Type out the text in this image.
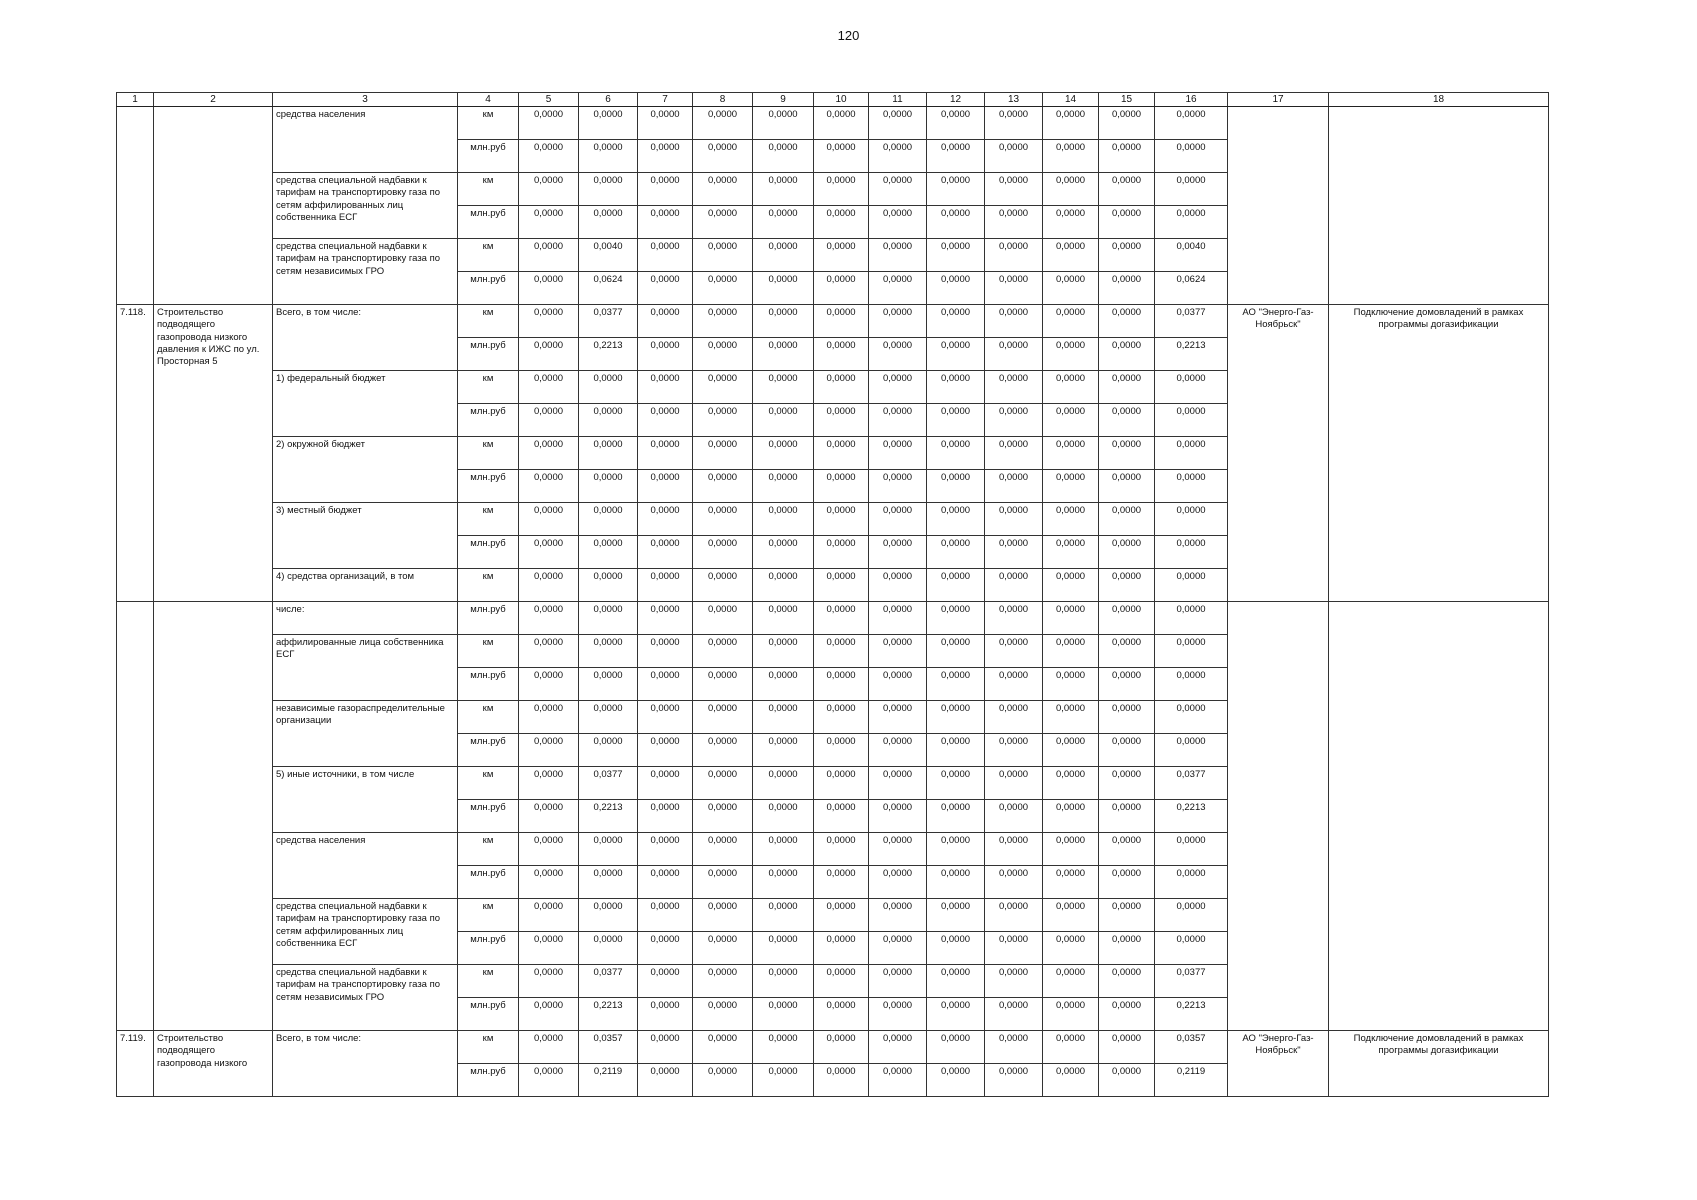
120
1	2	3	4	5	6	7	8	9	10	11	12	13	14	15	16	17	18
		средства населения	км	0,0000	0,0000	0,0000	0,0000	0,0000	0,0000	0,0000	0,0000	0,0000	0,0000	0,0000	0,0000		
			млн.руб	0,0000	0,0000	0,0000	0,0000	0,0000	0,0000	0,0000	0,0000	0,0000	0,0000	0,0000	0,0000		
		средства специальной надбавки к тарифам на транспортировку газа по сетям аффилированных лиц собственника ЕСГ	км	0,0000	0,0000	0,0000	0,0000	0,0000	0,0000	0,0000	0,0000	0,0000	0,0000	0,0000	0,0000		
			млн.руб	0,0000	0,0000	0,0000	0,0000	0,0000	0,0000	0,0000	0,0000	0,0000	0,0000	0,0000	0,0000		
		средства специальной надбавки к тарифам на транспортировку газа по сетям независимых ГРО	км	0,0000	0,0040	0,0000	0,0000	0,0000	0,0000	0,0000	0,0000	0,0000	0,0000	0,0000	0,0040		
			млн.руб	0,0000	0,0624	0,0000	0,0000	0,0000	0,0000	0,0000	0,0000	0,0000	0,0000	0,0000	0,0624		
7.118.	Строительство подводящего газопровода низкого давления к ИЖС по ул. Просторная 5	Всего, в том числе:	км	0,0000	0,0377	0,0000	0,0000	0,0000	0,0000	0,0000	0,0000	0,0000	0,0000	0,0000	0,0377	АО "Энерго-Газ-Ноябрьск"	Подключение домовладений в рамках программы догазификации
			млн.руб	0,0000	0,2213	0,0000	0,0000	0,0000	0,0000	0,0000	0,0000	0,0000	0,0000	0,0000	0,2213		
		1) федеральный бюджет	км	0,0000	0,0000	0,0000	0,0000	0,0000	0,0000	0,0000	0,0000	0,0000	0,0000	0,0000	0,0000		
			млн.руб	0,0000	0,0000	0,0000	0,0000	0,0000	0,0000	0,0000	0,0000	0,0000	0,0000	0,0000	0,0000		
		2) окружной бюджет	км	0,0000	0,0000	0,0000	0,0000	0,0000	0,0000	0,0000	0,0000	0,0000	0,0000	0,0000	0,0000		
			млн.руб	0,0000	0,0000	0,0000	0,0000	0,0000	0,0000	0,0000	0,0000	0,0000	0,0000	0,0000	0,0000		
		3) местный бюджет	км	0,0000	0,0000	0,0000	0,0000	0,0000	0,0000	0,0000	0,0000	0,0000	0,0000	0,0000	0,0000		
			млн.руб	0,0000	0,0000	0,0000	0,0000	0,0000	0,0000	0,0000	0,0000	0,0000	0,0000	0,0000	0,0000		
		4) средства организаций, в том	км	0,0000	0,0000	0,0000	0,0000	0,0000	0,0000	0,0000	0,0000	0,0000	0,0000	0,0000	0,0000		
		числе:	млн.руб	0,0000	0,0000	0,0000	0,0000	0,0000	0,0000	0,0000	0,0000	0,0000	0,0000	0,0000	0,0000		
		аффилированные лица собственника ЕСГ	км	0,0000	0,0000	0,0000	0,0000	0,0000	0,0000	0,0000	0,0000	0,0000	0,0000	0,0000	0,0000		
			млн.руб	0,0000	0,0000	0,0000	0,0000	0,0000	0,0000	0,0000	0,0000	0,0000	0,0000	0,0000	0,0000		
		независимые газораспределительные организации	км	0,0000	0,0000	0,0000	0,0000	0,0000	0,0000	0,0000	0,0000	0,0000	0,0000	0,0000	0,0000		
			млн.руб	0,0000	0,0000	0,0000	0,0000	0,0000	0,0000	0,0000	0,0000	0,0000	0,0000	0,0000	0,0000		
		5) иные источники, в том числе	км	0,0000	0,0377	0,0000	0,0000	0,0000	0,0000	0,0000	0,0000	0,0000	0,0000	0,0000	0,0377		
			млн.руб	0,0000	0,2213	0,0000	0,0000	0,0000	0,0000	0,0000	0,0000	0,0000	0,0000	0,0000	0,2213		
		средства населения	км	0,0000	0,0000	0,0000	0,0000	0,0000	0,0000	0,0000	0,0000	0,0000	0,0000	0,0000	0,0000		
			млн.руб	0,0000	0,0000	0,0000	0,0000	0,0000	0,0000	0,0000	0,0000	0,0000	0,0000	0,0000	0,0000		
		средства специальной надбавки к тарифам на транспортировку газа по сетям аффилированных лиц собственника ЕСГ	км	0,0000	0,0000	0,0000	0,0000	0,0000	0,0000	0,0000	0,0000	0,0000	0,0000	0,0000	0,0000		
			млн.руб	0,0000	0,0000	0,0000	0,0000	0,0000	0,0000	0,0000	0,0000	0,0000	0,0000	0,0000	0,0000		
		средства специальной надбавки к тарифам на транспортировку газа по сетям независимых ГРО	км	0,0000	0,0377	0,0000	0,0000	0,0000	0,0000	0,0000	0,0000	0,0000	0,0000	0,0000	0,0377		
			млн.руб	0,0000	0,2213	0,0000	0,0000	0,0000	0,0000	0,0000	0,0000	0,0000	0,0000	0,0000	0,2213		
7.119.	Строительство подводящего газопровода низкого	Всего, в том числе:	км	0,0000	0,0357	0,0000	0,0000	0,0000	0,0000	0,0000	0,0000	0,0000	0,0000	0,0000	0,0357	АО "Энерго-Газ-Ноябрьск"	Подключение домовладений в рамках программы догазификации
			млн.руб	0,0000	0,2119	0,0000	0,0000	0,0000	0,0000	0,0000	0,0000	0,0000	0,0000	0,0000	0,2119		
